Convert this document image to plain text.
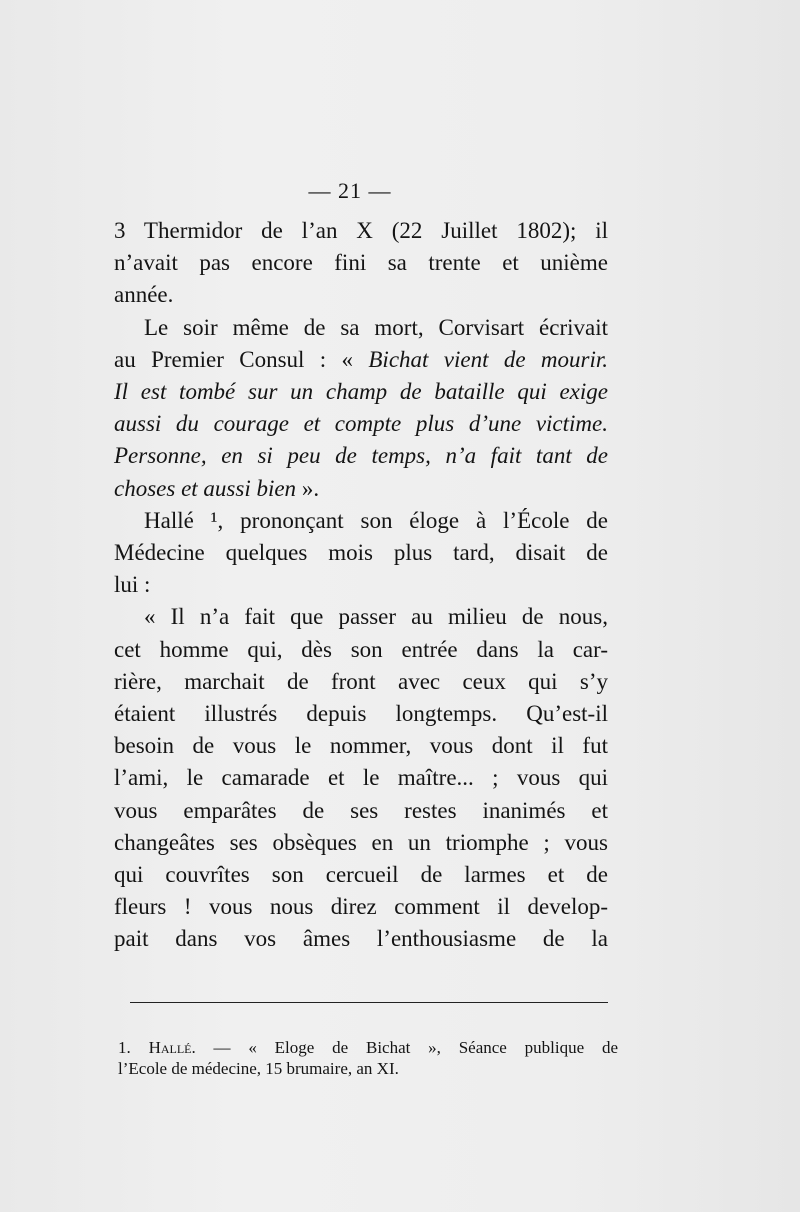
— 21 —

3 Thermidor de l’an X (22 Juillet 1802); il
n’avait pas encore fini sa trente et unième
année.

Le soir même de sa mort, Corvisart écrivait
au Premier Consul : « Bichat vient de mourir.
Il est tombé sur un champ de bataille qui exige
aussi du courage et compte plus d’une victime.
Personne, en si peu de temps, n’a fait tant de
choses et aussi bien ».

Hallé ¹, prononçant son éloge à l’École de
Médecine quelques mois plus tard, disait de
lui :

« Il n’a fait que passer au milieu de nous,
cet homme qui, dès son entrée dans la car-
rière, marchait de front avec ceux qui s’y
étaient illustrés depuis longtemps. Qu’est-il
besoin de vous le nommer, vous dont il fut
l’ami, le camarade et le maître... ; vous qui
vous emparâtes de ses restes inanimés et
changeâtes ses obsèques en un triomphe ; vous
qui couvrîtes son cercueil de larmes et de
fleurs ! vous nous direz comment il develop-
pait dans vos âmes l’enthousiasme de la

1. Hallé. — « Eloge de Bichat », Séance publique de
l’Ecole de médecine, 15 brumaire, an XI.
